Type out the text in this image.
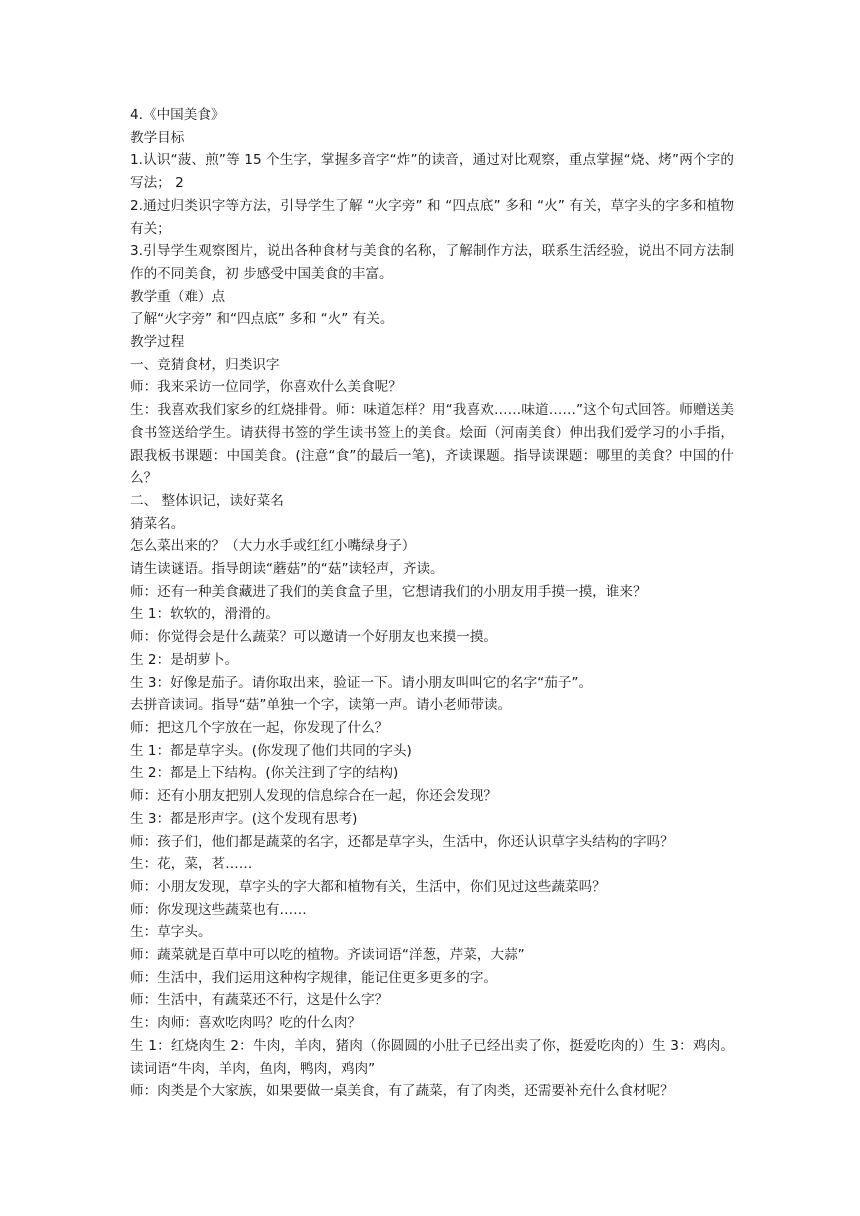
4.《中国美食》

教学目标

1.认识“菠、煎”等 15 个生字，掌握多音字“炸”的读音，通过对比观察，重点掌握“烧、烤”两个字的写法； 2

2.通过归类识字等方法，引导学生了解 “火字旁” 和 “四点底” 多和 “火” 有关，草字头的字多和植物有关；

3.引导学生观察图片，说出各种食材与美食的名称，了解制作方法，联系生活经验，说出不同方法制作的不同美食，初 步感受中国美食的丰富。

教学重（难）点

了解“火字旁” 和“四点底” 多和 “火” 有关。

教学过程

一、竞猜食材，归类识字

师：我来采访一位同学，你喜欢什么美食呢？

生：我喜欢我们家乡的红烧排骨。师：味道怎样？用“我喜欢……味道……”这个句式回答。师赠送美食书签送给学生。请获得书签的学生读书签上的美食。烩面（河南美食）伸出我们爱学习的小手指，跟我板书课题：中国美食。(注意“食”的最后一笔)，齐读课题。指导读课题：哪里的美食？中国的什么？

二、 整体识记，读好菜名

猜菜名。

怎么菜出来的？（大力水手或红红小嘴绿身子）

请生读谜语。指导朗读“蘑菇”的“菇”读轻声，齐读。

师：还有一种美食藏进了我们的美食盒子里，它想请我们的小朋友用手摸一摸，谁来？

生 1：软软的，滑滑的。

师：你觉得会是什么蔬菜？可以邀请一个好朋友也来摸一摸。

生 2：是胡萝卜。

生 3：好像是茄子。请你取出来，验证一下。请小朋友叫叫它的名字“茄子”。

去拼音读词。指导“菇”单独一个字，读第一声。请小老师带读。

师：把这几个字放在一起，你发现了什么？

生 1：都是草字头。(你发现了他们共同的字头)

生 2：都是上下结构。(你关注到了字的结构)

师：还有小朋友把别人发现的信息综合在一起，你还会发现？

生 3：都是形声字。(这个发现有思考)

师：孩子们，他们都是蔬菜的名字，还都是草字头，生活中，你还认识草字头结构的字吗？

生：花，菜，茗……

师：小朋友发现，草字头的字大都和植物有关，生活中，你们见过这些蔬菜吗？

师：你发现这些蔬菜也有……

生：草字头。

师：蔬菜就是百草中可以吃的植物。齐读词语“洋葱，芹菜，大蒜”

师：生活中，我们运用这种构字规律，能记住更多更多的字。

师：生活中，有蔬菜还不行，这是什么字？

生：肉师：喜欢吃肉吗？吃的什么肉？

生 1：红烧肉生 2：牛肉，羊肉，猪肉（你圆圆的小肚子已经出卖了你，挺爱吃肉的）生 3：鸡肉。读词语“牛肉，羊肉，鱼肉，鸭肉，鸡肉”

师：肉类是个大家族，如果要做一桌美食，有了蔬菜，有了肉类，还需要补充什么食材呢？
